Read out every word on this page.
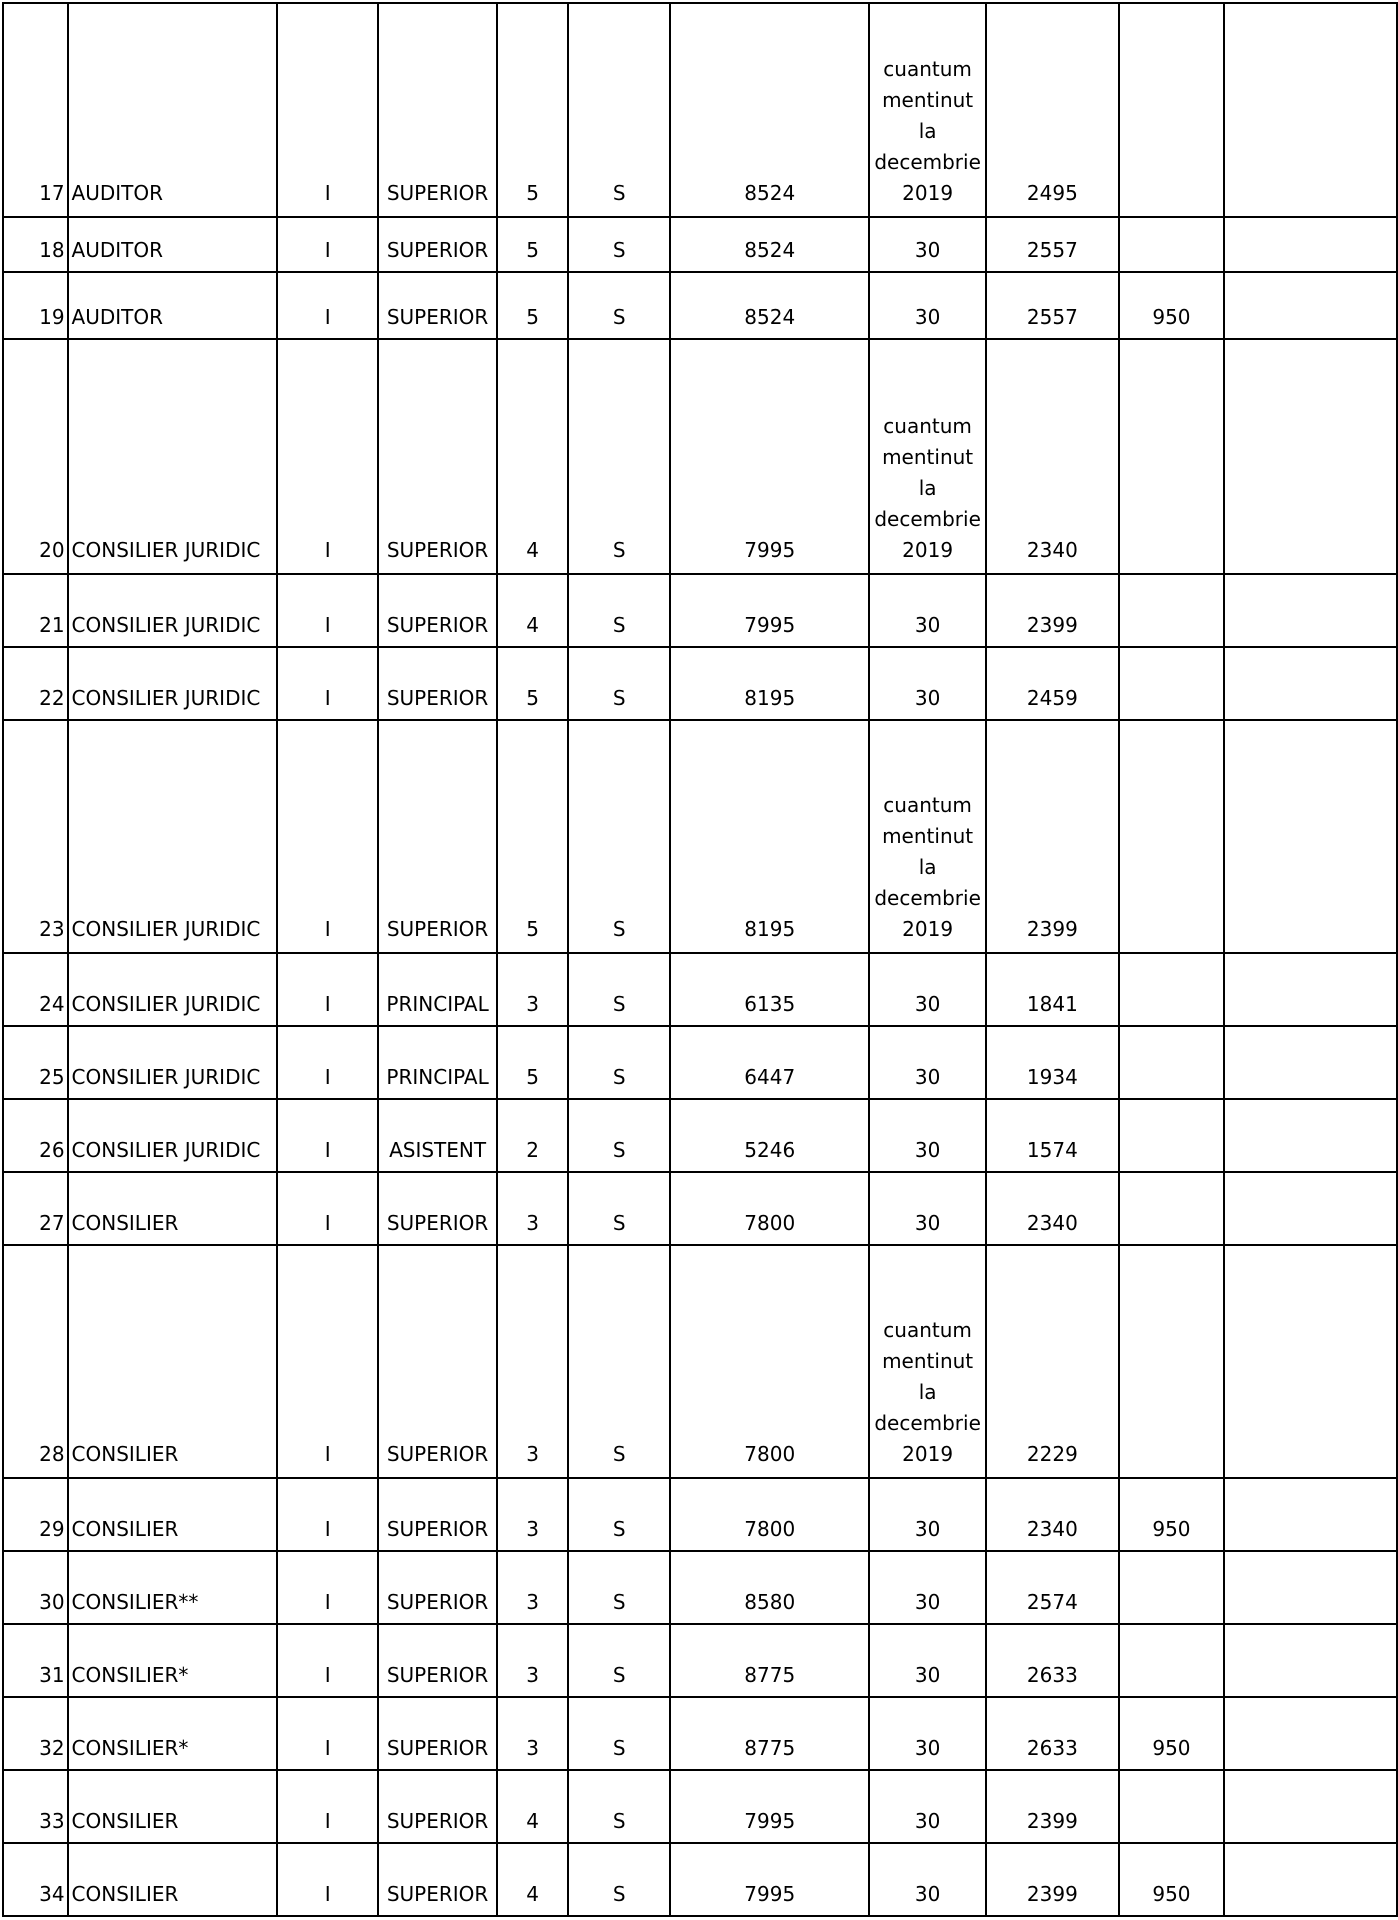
17	AUDITOR	I	SUPERIOR	5	S	8524	cuantum mentinut la decembrie 2019	2495		
18	AUDITOR	I	SUPERIOR	5	S	8524	30	2557		
19	AUDITOR	I	SUPERIOR	5	S	8524	30	2557	950	
20	CONSILIER JURIDIC	I	SUPERIOR	4	S	7995	cuantum mentinut la decembrie 2019	2340		
21	CONSILIER JURIDIC	I	SUPERIOR	4	S	7995	30	2399		
22	CONSILIER JURIDIC	I	SUPERIOR	5	S	8195	30	2459		
23	CONSILIER JURIDIC	I	SUPERIOR	5	S	8195	cuantum mentinut la decembrie 2019	2399		
24	CONSILIER JURIDIC	I	PRINCIPAL	3	S	6135	30	1841		
25	CONSILIER JURIDIC	I	PRINCIPAL	5	S	6447	30	1934		
26	CONSILIER JURIDIC	I	ASISTENT	2	S	5246	30	1574		
27	CONSILIER	I	SUPERIOR	3	S	7800	30	2340		
28	CONSILIER	I	SUPERIOR	3	S	7800	cuantum mentinut la decembrie 2019	2229		
29	CONSILIER	I	SUPERIOR	3	S	7800	30	2340	950	
30	CONSILIER**	I	SUPERIOR	3	S	8580	30	2574		
31	CONSILIER*	I	SUPERIOR	3	S	8775	30	2633		
32	CONSILIER*	I	SUPERIOR	3	S	8775	30	2633	950	
33	CONSILIER	I	SUPERIOR	4	S	7995	30	2399		
34	CONSILIER	I	SUPERIOR	4	S	7995	30	2399	950	
